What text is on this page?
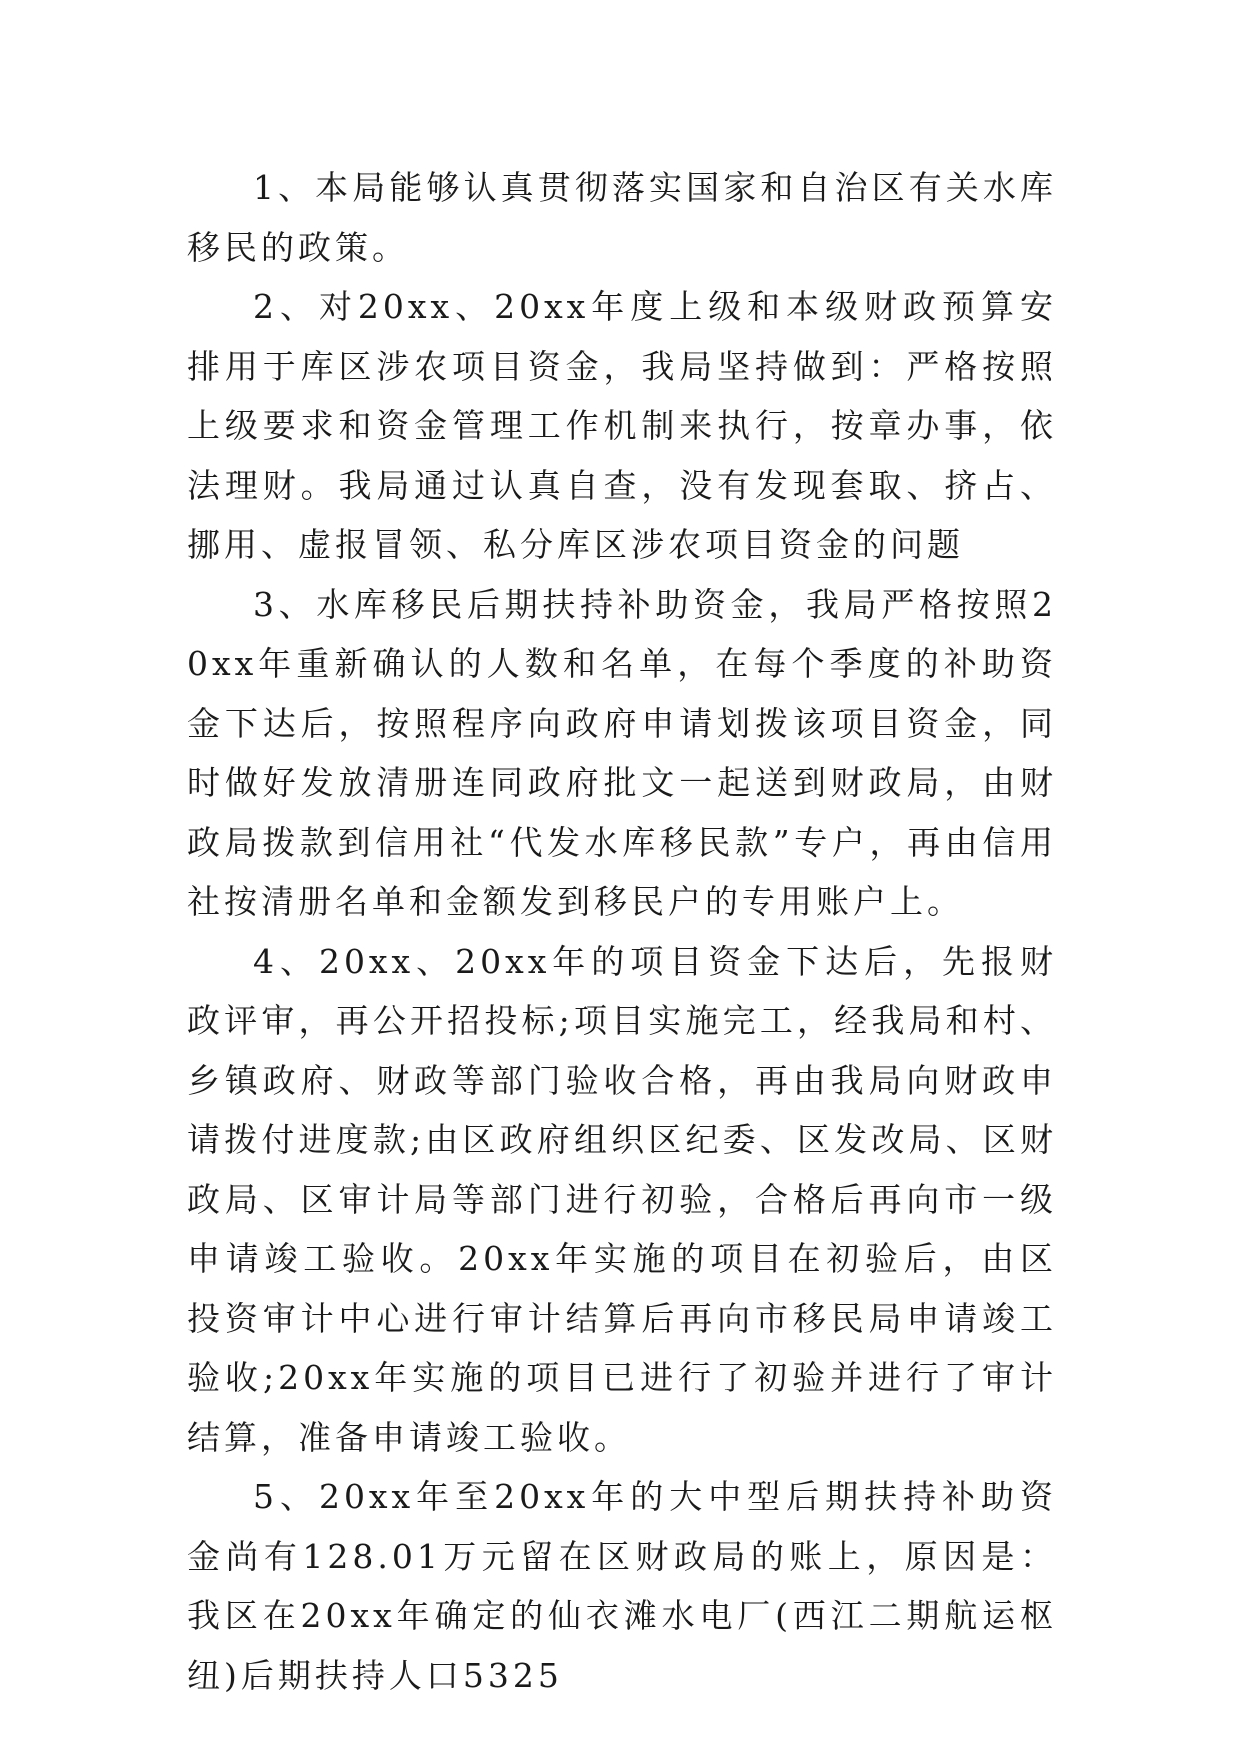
1、本局能够认真贯彻落实国家和自治区有关水库移民的政策。

2、对20xx、20xx年度上级和本级财政预算安排用于库区涉农项目资金，我局坚持做到：严格按照上级要求和资金管理工作机制来执行，按章办事，依法理财。我局通过认真自查，没有发现套取、挤占、挪用、虚报冒领、私分库区涉农项目资金的问题

3、水库移民后期扶持补助资金，我局严格按照20xx年重新确认的人数和名单，在每个季度的补助资金下达后，按照程序向政府申请划拨该项目资金，同时做好发放清册连同政府批文一起送到财政局，由财政局拨款到信用社“代发水库移民款”专户，再由信用社按清册名单和金额发到移民户的专用账户上。

4、20xx、20xx年的项目资金下达后，先报财政评审，再公开招投标;项目实施完工，经我局和村、乡镇政府、财政等部门验收合格，再由我局向财政申请拨付进度款;由区政府组织区纪委、区发改局、区财政局、区审计局等部门进行初验，合格后再向市一级申请竣工验收。20xx年实施的项目在初验后，由区投资审计中心进行审计结算后再向市移民局申请竣工验收;20xx年实施的项目已进行了初验并进行了审计结算，准备申请竣工验收。

5、20xx年至20xx年的大中型后期扶持补助资金尚有128.01万元留在区财政局的账上，原因是：我区在20xx年确定的仙衣滩水电厂(西江二期航运枢纽)后期扶持人口5325
